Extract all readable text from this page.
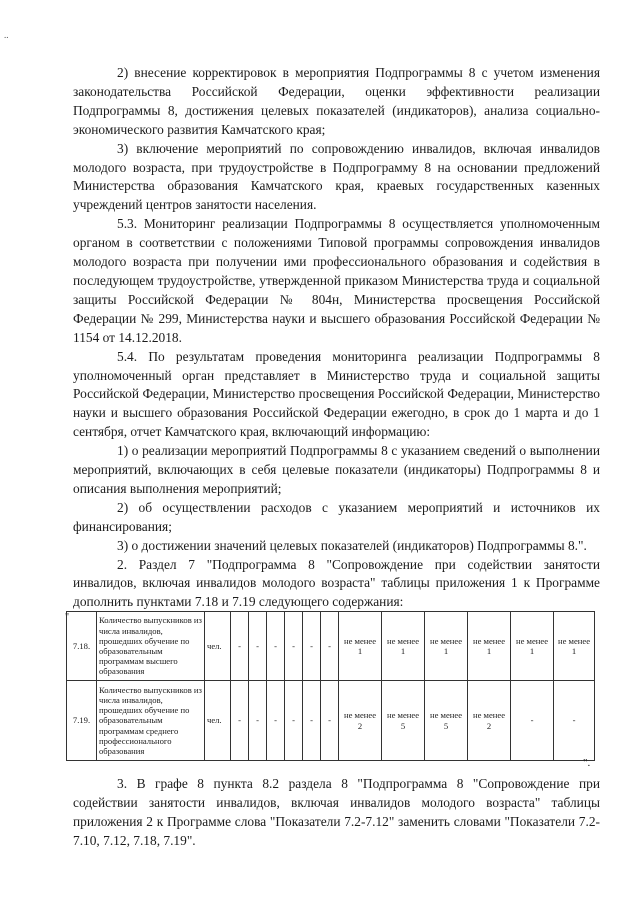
..

2) внесение корректировок в мероприятия Подпрограммы 8 с учетом изменения законодательства Российской Федерации, оценки эффективности реализации Подпрограммы 8, достижения целевых показателей (индикаторов), анализа социально-экономического развития Камчатского края;

3) включение мероприятий по сопровождению инвалидов, включая инвалидов молодого возраста, при трудоустройстве в Подпрограмму 8 на основании предложений Министерства образования Камчатского края, краевых государственных казенных учреждений центров занятости населения.

5.3. Мониторинг реализации Подпрограммы 8 осуществляется уполномоченным органом в соответствии с положениями Типовой программы сопровождения инвалидов молодого возраста при получении ими профессионального образования и содействия в последующем трудоустройстве, утвержденной приказом Министерства труда и социальной защиты Российской Федерации № 804н, Министерства просвещения Российской Федерации № 299, Министерства науки и высшего образования Российской Федерации № 1154 от 14.12.2018.

5.4. По результатам проведения мониторинга реализации Подпрограммы 8 уполномоченный орган представляет в Министерство труда и социальной защиты Российской Федерации, Министерство просвещения Российской Федерации, Министерство науки и высшего образования Российской Федерации ежегодно, в срок до 1 марта и до 1 сентября, отчет Камчатского края, включающий информацию:

1) о реализации мероприятий Подпрограммы 8 с указанием сведений о выполнении мероприятий, включающих в себя целевые показатели (индикаторы) Подпрограммы 8 и описания выполнения мероприятий;

2) об осуществлении расходов с указанием мероприятий и источников их финансирования;

3) о достижении значений целевых показателей (индикаторов) Подпрограммы 8.".

2. Раздел 7 "Подпрограмма 8 "Сопровождение при содействии занятости инвалидов, включая инвалидов молодого возраста" таблицы приложения 1 к Программе дополнить пунктами 7.18 и 7.19 следующего содержания:

"

7.18.	Количество выпускников из числа инвалидов, прошедших обучение по образовательным программам высшего образования	чел.	-	-	-	-	-	-	не менее 1	не менее 1	не менее 1	не менее 1	не менее 1	не менее 1
7.19.	Количество выпускников из числа инвалидов, прошедших обучение по образовательным программам среднего профессионального образования	чел.	-	-	-	-	-	-	не менее 2	не менее 5	не менее 5	не менее 2	-	-
".

3. В графе 8 пункта 8.2 раздела 8 "Подпрограмма 8 "Сопровождение при содействии занятости инвалидов, включая инвалидов молодого возраста" таблицы приложения 2 к Программе слова "Показатели 7.2-7.12" заменить словами "Показатели 7.2-7.10, 7.12, 7.18, 7.19".
